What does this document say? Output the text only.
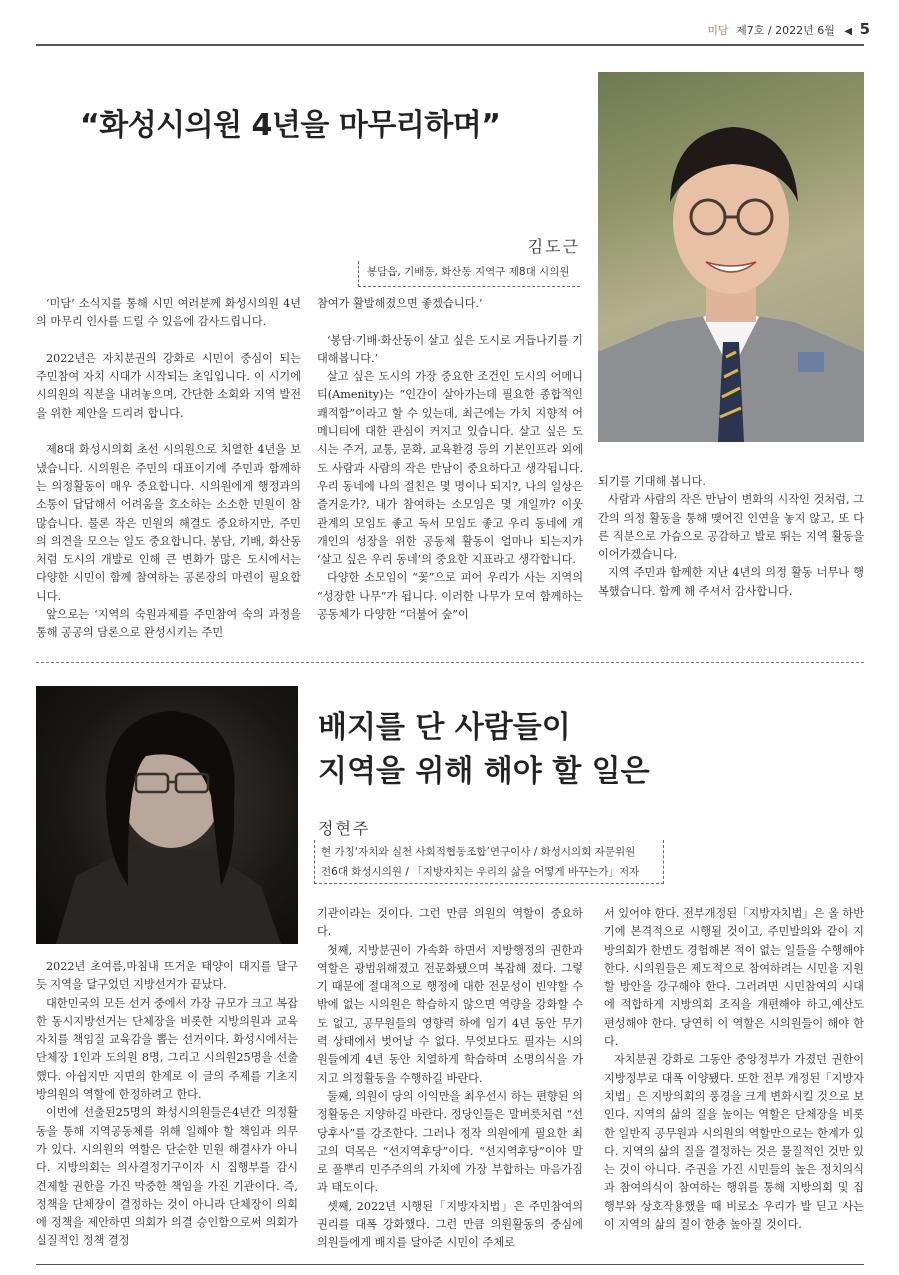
미담 제7호 / 2022년 6월 ◀ 5
“화성시의원 4년을 마무리하며”
김도근
봉담읍, 기배동, 화산동 지역구 제8대 시의원

‘미담’ 소식지를 통해 시민 여러분께 화성시의원 4년의 마무리 인사를 드릴 수 있음에 감사드립니다.

2022년은 자치분권의 강화로 시민이 중심이 되는 주민참여 자치 시대가 시작되는 초입입니다. 이 시기에 시의원의 직분을 내려놓으며, 간단한 소회와 지역 발전을 위한 제안을 드리려 합니다.

제8대 화성시의회 초선 시의원으로 치열한 4년을 보냈습니다. 시의원은 주민의 대표이기에 주민과 함께하는 의정활동이 매우 중요합니다. 시의원에게 행정과의 소통이 답답해서 어려움을 호소하는 소소한 민원이 참 많습니다. 물론 작은 민원의 해결도 중요하지만, 주민의 의견을 모으는 일도 중요합니다. 봉담, 기배, 화산동처럼 도시의 개발로 인해 큰 변화가 많은 도시에서는 다양한 시민이 함께 참여하는 공론장의 마련이 필요합니다.

앞으로는 ‘지역의 숙원과제를 주민참여 숙의 과정을 통해 공공의 담론으로 완성시키는 주민

참여가 활발해졌으면 좋겠습니다.’

‘봉담·기배·화산동이 살고 싶은 도시로 거듭나기를 기대해봅니다.’

살고 싶은 도시의 가장 중요한 조건인 도시의 어메니티(Amenity)는 “인간이 살아가는데 필요한 종합적인 쾌적함”이라고 할 수 있는데, 최근에는 가치 지향적 어메니티에 대한 관심이 커지고 있습니다. 살고 싶은 도시는 주거, 교통, 문화, 교육환경 등의 기본인프라 외에도 사람과 사람의 작은 만남이 중요하다고 생각됩니다. 우리 동네에 나의 절친은 몇 명이나 되지?, 나의 일상은 즐거운가?, 내가 참여하는 소모임은 몇 개일까? 이웃 관계의 모임도 좋고 독서 모임도 좋고 우리 동네에 개개인의 성장을 위한 공동체 활동이 얼마나 되는지가 ‘살고 싶은 우리 동네’의 중요한 지표라고 생각합니다.

다양한 소모임이 “꽃”으로 피어 우리가 사는 지역의 “성장한 나무”가 됩니다. 이러한 나무가 모여 함께하는 공동체가 다양한 “더불어 숲”이

되기를 기대해 봅니다.

사람과 사람의 작은 만남이 변화의 시작인 것처럼, 그간의 의정 활동을 통해 맺어진 인연을 놓지 않고, 또 다른 직분으로 가슴으로 공감하고 발로 뛰는 지역 활동을 이어가겠습니다.

지역 주민과 함께한 지난 4년의 의정 활동 너무나 행복했습니다. 함께 해 주셔서 감사합니다.

배지를 단 사람들이
지역을 위해 해야 할 일은
정현주
현 가칭‘자치와 실천 사회적협동조합’연구이사 / 화성시의회 자문위원
전6대 화성시의원 / 「지방자치는 우리의 삶을 어떻게 바꾸는가」저자

2022년 초여름,마침내 뜨거운 태양이 대지를 달구듯 지역을 달구었던 지방선거가 끝났다.

대한민국의 모든 선거 중에서 가장 규모가 크고 복잡한 동시지방선거는 단체장을 비롯한 지방의원과 교육 자치를 책임질 교육감을 뽑는 선거이다. 화성시에서는 단체장 1인과 도의원 8명, 그리고 시의원25명을 선출했다. 아쉽지만 지면의 한계로 이 글의 주제를 기초지방의원의 역할에 한정하려고 한다.

이번에 선출된25명의 화성시의원들은4년간 의정활동을 통해 지역공동체를 위해 일해야 할 책임과 의무가 있다. 시의원의 역할은 단순한 민원 해결사가 아니다. 지방의회는 의사결정기구이자 시 집행부를 감시 견제할 권한을 가진 막중한 책임을 가진 기관이다. 즉, 정책을 단체장이 결정하는 것이 아니라 단체장이 의회에 정책을 제안하면 의회가 의결 승인함으로써 의회가 실질적인 정책 결정

기관이라는 것이다. 그런 만큼 의원의 역할이 중요하다.

첫째, 지방분권이 가속화 하면서 지방행정의 권한과 역할은 광범위해졌고 전문화됐으며 복잡해 졌다. 그렇기 때문에 절대적으로 행정에 대한 전문성이 빈약할 수밖에 없는 시의원은 학습하지 않으면 역량을 강화할 수도 없고, 공무원들의 영향력 하에 임기 4년 동안 무기력 상태에서 벗어날 수 없다. 무엇보다도 필자는 시의원들에게 4년 동안 치열하게 학습하며 소명의식을 가지고 의정활동을 수행하길 바란다.

둘째, 의원이 당의 이익만을 최우선시 하는 편향된 의정활동은 지양하길 바란다. 정당인들은 말버릇처럼 “선당후사”를 강조한다. 그러나 정작 의원에게 필요한 최고의 덕목은 “선지역후당”이다. “선지역후당”이야 말로 풀뿌리 민주주의의 가치에 가장 부합하는 마음가짐과 태도이다.

셋째, 2022년 시행된「지방자치법」은 주민참여의 권리를 대폭 강화했다. 그런 만큼 의원활동의 중심에 의원들에게 배지를 달아준 시민이 주체로

서 있어야 한다. 전부개정된「지방자치법」은 올 하반기에 본격적으로 시행될 것이고, 주민발의와 같이 지방의회가 한번도 경험해본 적이 없는 일들을 수행해야 한다. 시의원들은 제도적으로 참여하려는 시민을 지원할 방안을 강구해야 한다. 그러려면 시민참여의 시대에 적합하게 지방의회 조직을 개편해야 하고,예산도 편성해야 한다. 당연히 이 역할은 시의원들이 해야 한다.

자치분권 강화로 그동안 중앙정부가 가졌던 권한이 지방정부로 대폭 이양됐다. 또한 전부 개정된「지방자치법」은 지방의회의 풍경을 크게 변화시킬 것으로 보인다. 지역의 삶의 질을 높이는 역할은 단체장을 비롯한 일반직 공무원과 시의원의 역할만으로는 한계가 있다. 지역의 삶의 질을 결정하는 것은 물질적인 것만 있는 것이 아니다. 주권을 가진 시민들의 높은 정치의식과 참여의식이 참여하는 행위를 통해 지방의회 및 집행부와 상호작용했을 때 비로소 우리가 발 딛고 사는 이 지역의 삶의 질이 한층 높아질 것이다.
